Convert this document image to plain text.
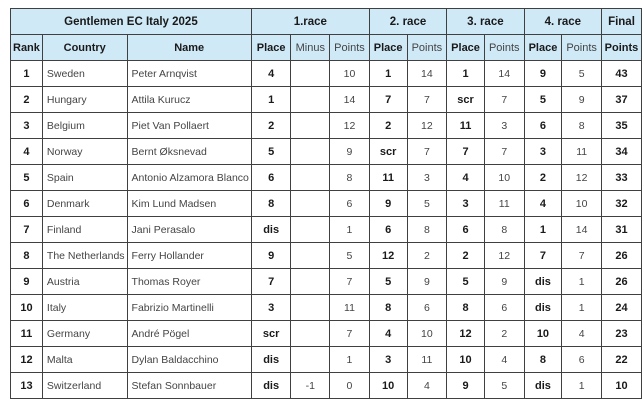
Gentlemen EC Italy 2025			1.race			2. race		3. race		4. race		Final
Rank	Country	Name	Place	Minus	Points	Place	Points	Place	Points	Place	Points	Points
1	Sweden	Peter Arnqvist	4		10	1	14	1	14	9	5	43
2	Hungary	Attila Kurucz	1		14	7	7	scr	7	5	9	37
3	Belgium	Piet Van Pollaert	2		12	2	12	11	3	6	8	35
4	Norway	Bernt Øksnevad	5		9	scr	7	7	7	3	11	34
5	Spain	Antonio Alzamora Blanco	6		8	11	3	4	10	2	12	33
6	Denmark	Kim Lund Madsen	8		6	9	5	3	11	4	10	32
7	Finland	Jani Perasalo	dis		1	6	8	6	8	1	14	31
8	The Netherlands	Ferry Hollander	9		5	12	2	2	12	7	7	26
9	Austria	Thomas Royer	7		7	5	9	5	9	dis	1	26
10	Italy	Fabrizio Martinelli	3		11	8	6	8	6	dis	1	24
11	Germany	André Pögel	scr		7	4	10	12	2	10	4	23
12	Malta	Dylan Baldacchino	dis		1	3	11	10	4	8	6	22
13	Switzerland	Stefan Sonnbauer	dis	-1	0	10	4	9	5	dis	1	10
